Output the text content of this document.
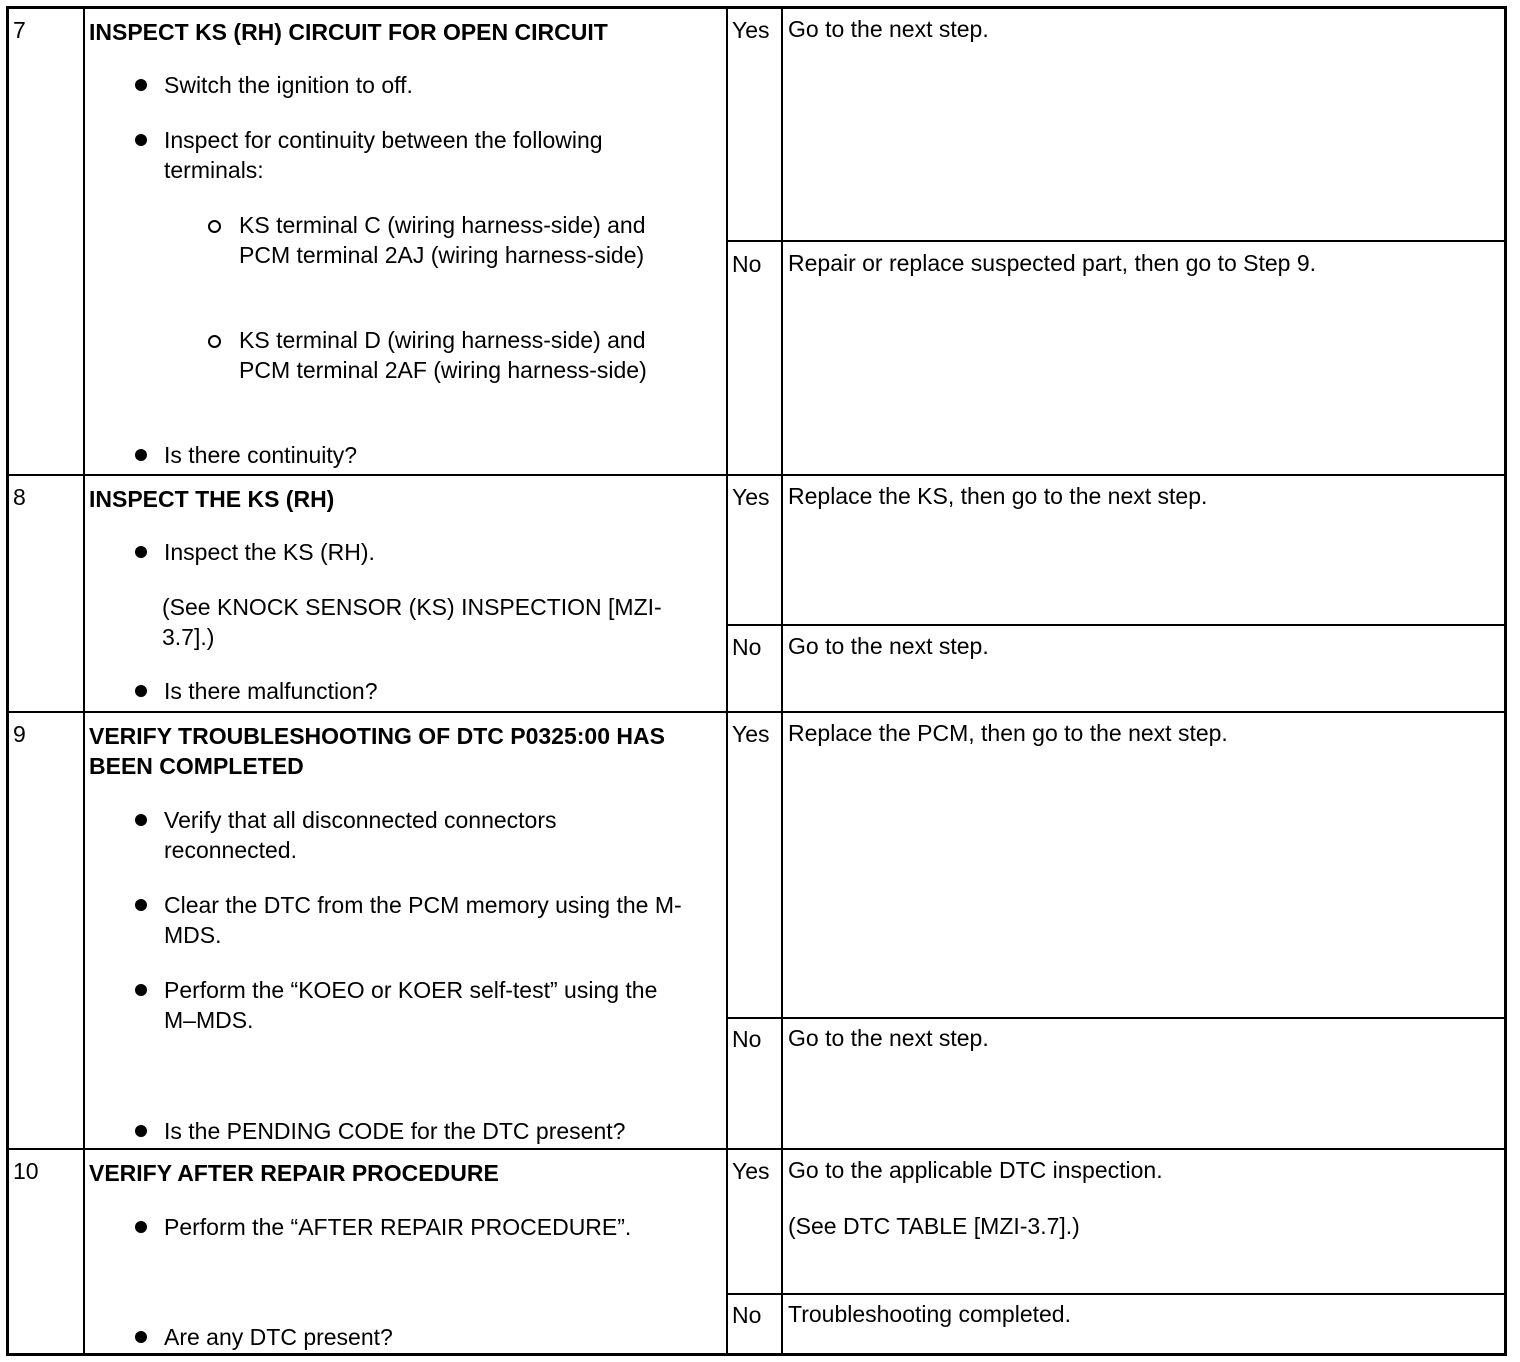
7	INSPECT KS (RH) CIRCUIT FOR OPEN CIRCUIT
Switch the ignition to off.
Inspect for continuity between the following terminals:
KS terminal C (wiring harness-side) and PCM terminal 2AJ (wiring harness-side)
KS terminal D (wiring harness-side) and PCM terminal 2AF (wiring harness-side)
Is there continuity?
Yes Go to the next step.
No Repair or replace suspected part, then go to Step 9.
8	INSPECT THE KS (RH)
Inspect the KS (RH).
(See KNOCK SENSOR (KS) INSPECTION [MZI-3.7].)
Is there malfunction?
Yes Replace the KS, then go to the next step.
No Go to the next step.
9	VERIFY TROUBLESHOOTING OF DTC P0325:00 HAS BEEN COMPLETED
Verify that all disconnected connectors reconnected.
Clear the DTC from the PCM memory using the M-MDS.
Perform the “KOEO or KOER self-test” using the M–MDS.
Is the PENDING CODE for the DTC present?
Yes Replace the PCM, then go to the next step.
No Go to the next step.
10 VERIFY AFTER REPAIR PROCEDURE
Perform the “AFTER REPAIR PROCEDURE”.
Are any DTC present?
Yes Go to the applicable DTC inspection.
(See DTC TABLE [MZI-3.7].)
No Troubleshooting completed.
